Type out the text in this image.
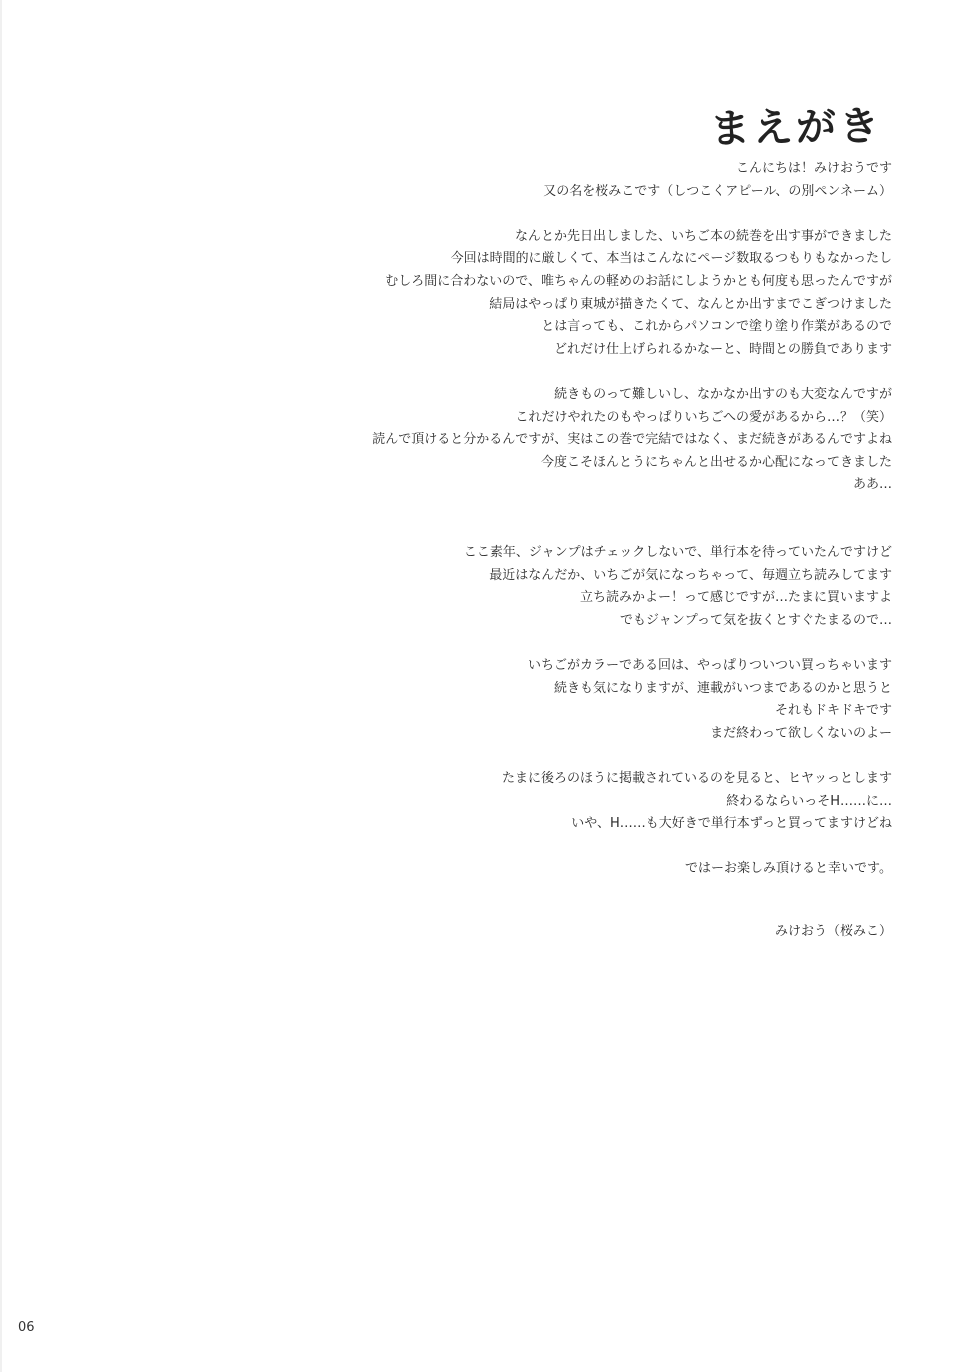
まえがき
こんにちは！みけおうです
又の名を桜みこです（しつこくアピール、の別ペンネーム）
なんとか先日出しました、いちご本の続巻を出す事ができました
今回は時間的に厳しくて、本当はこんなにページ数取るつもりもなかったし
むしろ間に合わないので、唯ちゃんの軽めのお話にしようかとも何度も思ったんですが
結局はやっぱり東城が描きたくて、なんとか出すまでこぎつけました
とは言っても、これからパソコンで塗り塗り作業があるので
どれだけ仕上げられるかなーと、時間との勝負であります
続きものって難しいし、なかなか出すのも大変なんですが
これだけやれたのもやっぱりいちごへの愛があるから…？（笑）
読んで頂けると分かるんですが、実はこの巻で完結ではなく、まだ続きがあるんですよね
今度こそほんとうにちゃんと出せるか心配になってきました
ああ…
ここ素年、ジャンプはチェックしないで、単行本を待っていたんですけど
最近はなんだか、いちごが気になっちゃって、毎週立ち読みしてます
立ち読みかよー！って感じですが…たまに買いますよ
でもジャンプって気を抜くとすぐたまるので…
いちごがカラーである回は、やっぱりついつい買っちゃいます
続きも気になりますが、連載がいつまであるのかと思うと
それもドキドキです
まだ終わって欲しくないのよー
たまに後ろのほうに掲載されているのを見ると、ヒヤッっとします
終わるならいっそH……に…
いや、H……も大好きで単行本ずっと買ってますけどね
ではーお楽しみ頂けると幸いです。
みけおう（桜みこ）
06
